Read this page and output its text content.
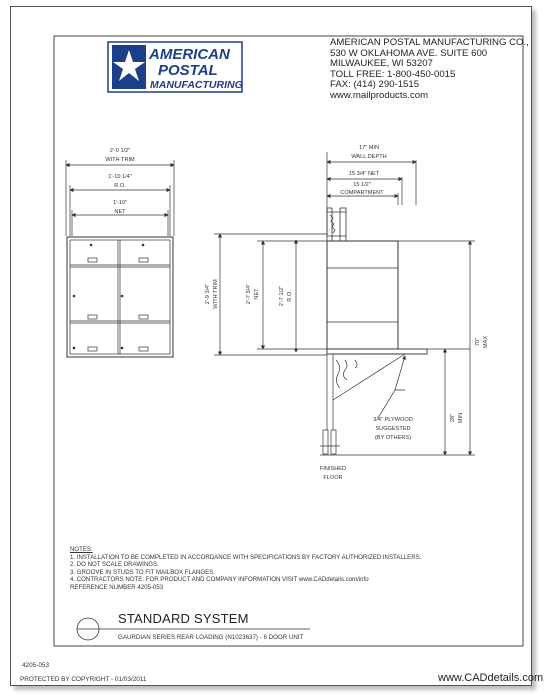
AMERICAN
POSTAL
MANUFACTURING
2'-0 1/2"
WITH TRIM
1'-10 1/4"
R.O.
1'-10"
NET
17" MIN
WALL DEPTH
15 3/4" NET
15 1/2"
COMPARTMENT
2'-9 3/4" WITH TRIM	2'-7 3/4" NET	2'-7 1/2" R.O.
70" MAX
28" MIN
3/4" PLYWOOD
SUGGESTED
(BY OTHERS)
FINISHED
FLOOR
AMERICAN POSTAL MANUFACTURING CO.,
530 W OKLAHOMA AVE. SUITE 600
MILWAUKEE, WI 53207
TOLL FREE: 1-800-450-0015
FAX: (414) 290-1515
www.mailproducts.com
NOTES:
1. INSTALLATION TO BE COMPLETED IN ACCORDANCE WITH SPECIFICATIONS BY FACTORY AUTHORIZED INSTALLERS.
2. DO NOT SCALE DRAWINGS.
3. GROOVE IN STUDS TO FIT MAILBOX FLANGES.
4. CONTRACTORS NOTE: FOR PRODUCT AND COMPANY INFORMATION VISIT www.CADdetails.com/info
REFERENCE NUMBER 4205-053
STANDARD SYSTEM
GAURDIAN SERIES REAR LOADING (N1023637) - 6 DOOR UNIT
4205-053
PROTECTED BY COPYRIGHT - 01/03/2011	www.CADdetails.com
